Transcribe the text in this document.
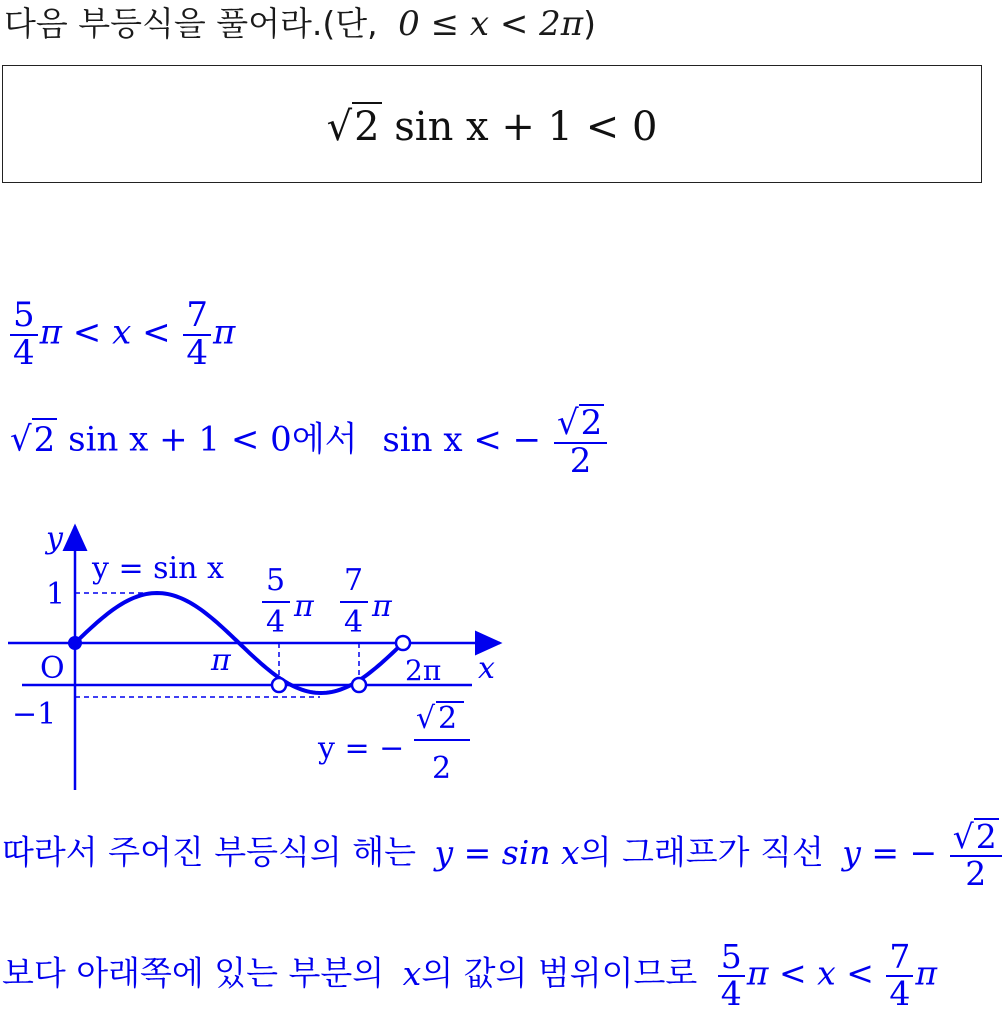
다음 부등식을 풀어라.(단, 0 ≤ x < 2π)
√2 sin x + 1 < 0
$\frac{5}{4}$ $\pi < x < \frac{7}{4}$ π
√2 sin x + 1 < 0에서 sin x < − $\frac{√2}{2}$
y
x
y = sin x
O
1
−1
π	2π
5
4 π
7
4 π
y = −
√ 2
2
따라서 주어진 부등식의 해는 y = sin x의 그래프가 직선 y = − $\frac{√2}{2}$
보다 아래쪽에 있는 부분의 x의 값의 범위이므로 $\frac{5}{4}$ $\pi < x < \frac{7}{4}$ π
